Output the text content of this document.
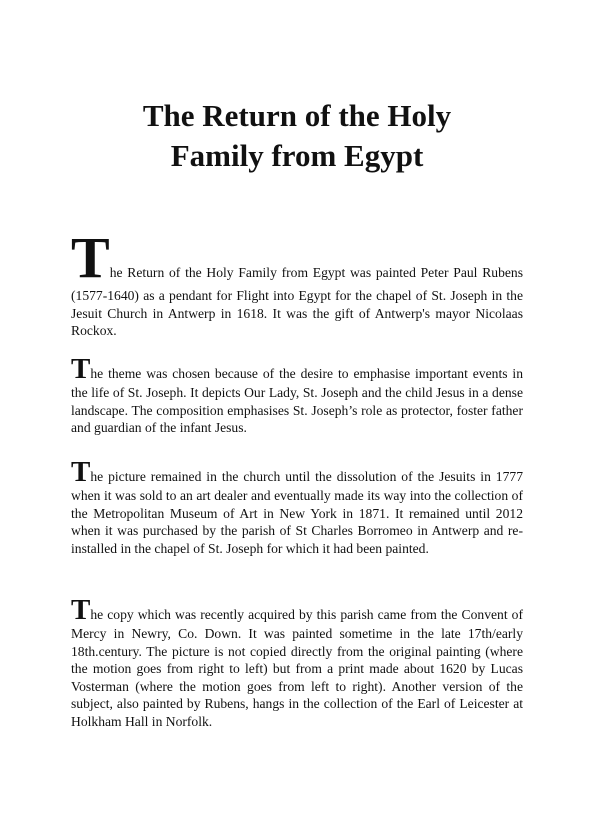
The Return of the Holy
Family from Egypt

The Return of the Holy Family from Egypt was painted Peter Paul Rubens (1577-1640) as a pendant for Flight into Egypt for the chapel of St. Joseph in the Jesuit Church in Antwerp in 1618. It was the gift of Antwerp's mayor Nicolaas Rockox.

The theme was chosen because of the desire to emphasise important events in the life of St. Joseph. It depicts Our Lady, St. Joseph and the child Jesus in a dense landscape. The composition emphasises St. Joseph’s role as protector, foster father and guardian of the infant Jesus.

The picture remained in the church until the dissolution of the Jesuits in 1777 when it was sold to an art dealer and eventually made its way into the collection of the Metropolitan Museum of Art in New York in 1871. It remained until 2012 when it was purchased by the parish of St Charles Borromeo in Antwerp and re-installed in the chapel of St. Joseph for which it had been painted.

The copy which was recently acquired by this parish came from the Convent of Mercy in Newry, Co. Down. It was painted sometime in the late 17th/early 18th.century. The picture is not copied directly from the original painting (where the motion goes from right to left) but from a print made about 1620 by Lucas Vosterman (where the motion goes from left to right). Another version of the subject, also painted by Rubens, hangs in the collection of the Earl of Leicester at Holkham Hall in Norfolk.
